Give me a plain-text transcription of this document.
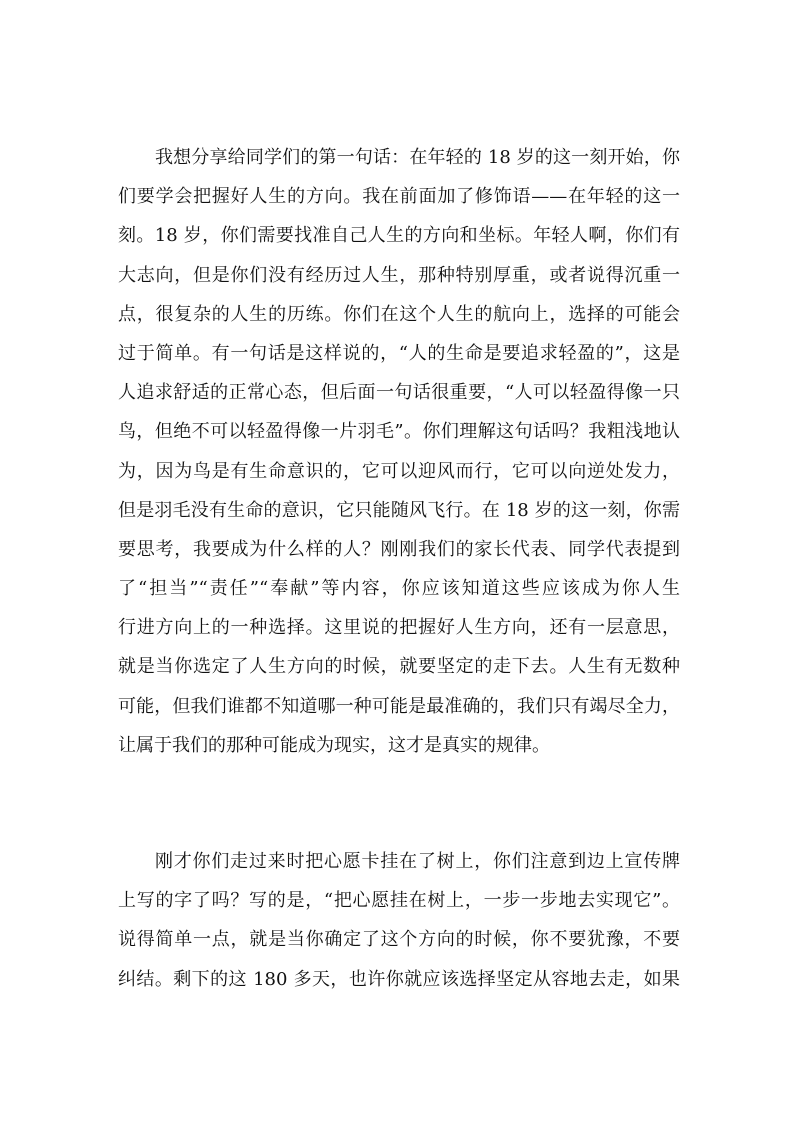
我想分享给同学们的第一句话：在年轻的 18 岁的这一刻开始，你
们要学会把握好人生的方向。我在前面加了修饰语——在年轻的这一
刻。18 岁，你们需要找准自己人生的方向和坐标。年轻人啊，你们有
大志向，但是你们没有经历过人生，那种特别厚重，或者说得沉重一
点，很复杂的人生的历练。你们在这个人生的航向上，选择的可能会
过于简单。有一句话是这样说的，“人的生命是要追求轻盈的”，这是
人追求舒适的正常心态，但后面一句话很重要，“人可以轻盈得像一只
鸟，但绝不可以轻盈得像一片羽毛”。你们理解这句话吗？我粗浅地认
为，因为鸟是有生命意识的，它可以迎风而行，它可以向逆处发力，
但是羽毛没有生命的意识，它只能随风飞行。在 18 岁的这一刻，你需
要思考，我要成为什么样的人？刚刚我们的家长代表、同学代表提到
了“担当”“责任”“奉献”等内容，你应该知道这些应该成为你人生
行进方向上的一种选择。这里说的把握好人生方向，还有一层意思，
就是当你选定了人生方向的时候，就要坚定的走下去。人生有无数种
可能，但我们谁都不知道哪一种可能是最准确的，我们只有竭尽全力，
让属于我们的那种可能成为现实，这才是真实的规律。
刚才你们走过来时把心愿卡挂在了树上，你们注意到边上宣传牌
上写的字了吗？写的是，“把心愿挂在树上，一步一步地去实现它”。
说得简单一点，就是当你确定了这个方向的时候，你不要犹豫，不要
纠结。剩下的这 180 多天，也许你就应该选择坚定从容地去走，如果
